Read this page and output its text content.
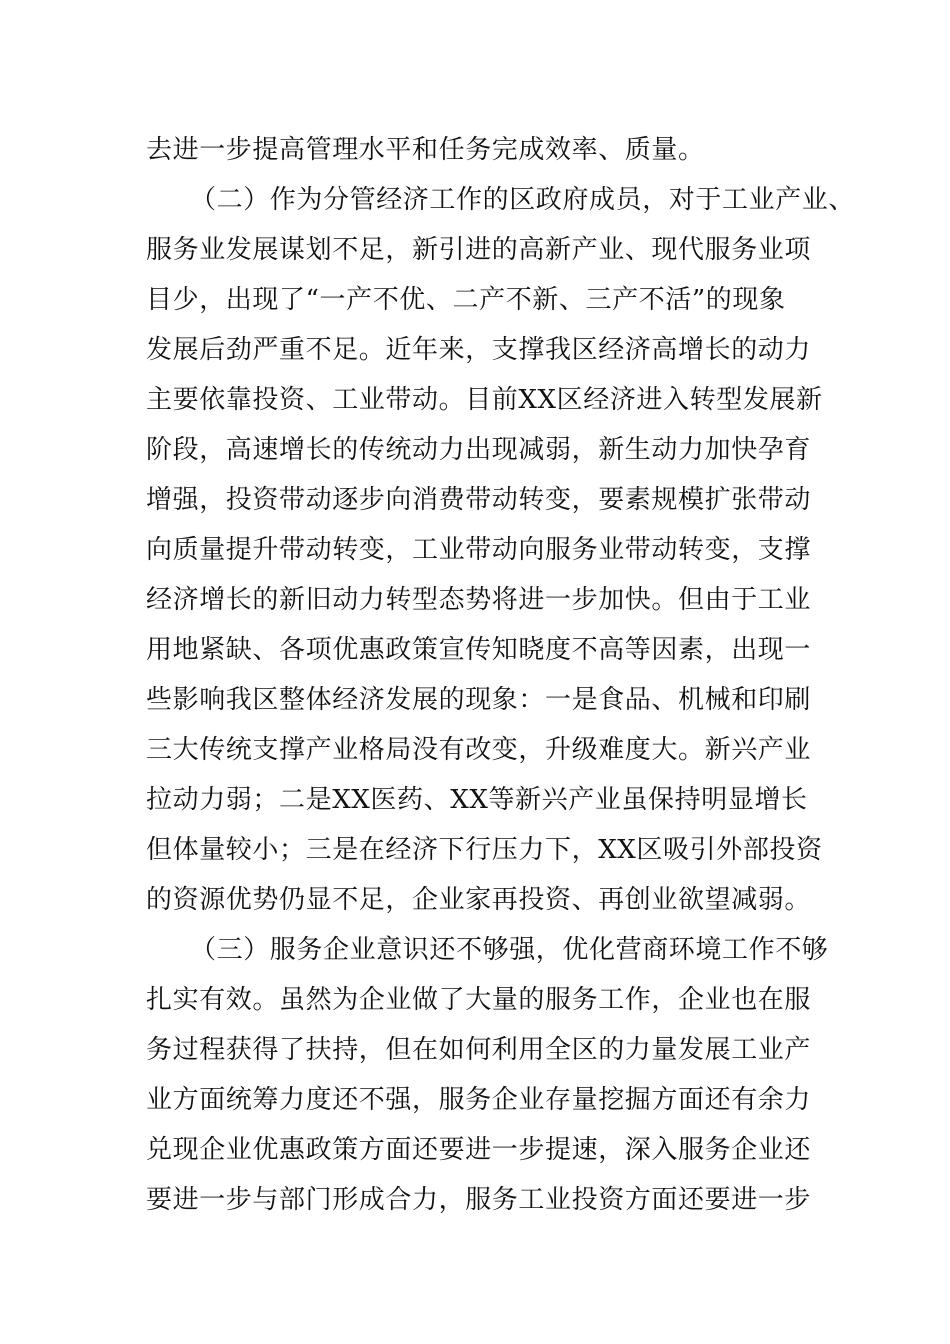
去进一步提高管理水平和任务完成效率、质量。
（二）作为分管经济工作的区政府成员，对于工业产业、
服务业发展谋划不足，新引进的高新产业、现代服务业项
目少，出现了“一产不优、二产不新、三产不活”的现象
发展后劲严重不足。近年来，支撑我区经济高增长的动力
主要依靠投资、工业带动。目前XX区经济进入转型发展新
阶段，高速增长的传统动力出现减弱，新生动力加快孕育
增强，投资带动逐步向消费带动转变，要素规模扩张带动
向质量提升带动转变，工业带动向服务业带动转变，支撑
经济增长的新旧动力转型态势将进一步加快。但由于工业
用地紧缺、各项优惠政策宣传知晓度不高等因素，出现一
些影响我区整体经济发展的现象：一是食品、机械和印刷
三大传统支撑产业格局没有改变，升级难度大。新兴产业
拉动力弱；二是XX医药、XX等新兴产业虽保持明显增长
但体量较小；三是在经济下行压力下，XX区吸引外部投资
的资源优势仍显不足，企业家再投资、再创业欲望减弱。
（三）服务企业意识还不够强，优化营商环境工作不够
扎实有效。虽然为企业做了大量的服务工作，企业也在服
务过程获得了扶持，但在如何利用全区的力量发展工业产
业方面统筹力度还不强，服务企业存量挖掘方面还有余力
兑现企业优惠政策方面还要进一步提速，深入服务企业还
要进一步与部门形成合力，服务工业投资方面还要进一步
